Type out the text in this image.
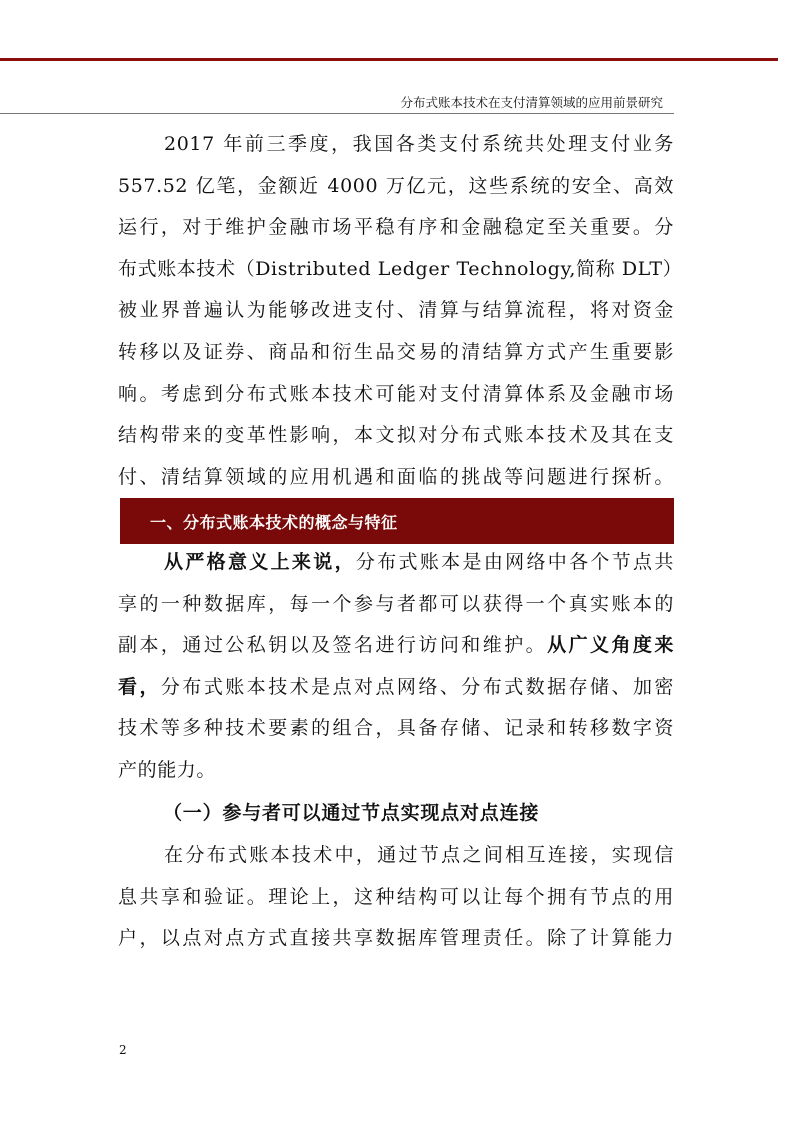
分布式账本技术在支付清算领域的应用前景研究
2017 年前三季度，我国各类支付系统共处理支付业务
557.52 亿笔，金额近 4000 万亿元，这些系统的安全、高效
运行，对于维护金融市场平稳有序和金融稳定至关重要。分
布式账本技术（Distributed Ledger Technology,简称 DLT）
被业界普遍认为能够改进支付、清算与结算流程，将对资金
转移以及证券、商品和衍生品交易的清结算方式产生重要影
响。考虑到分布式账本技术可能对支付清算体系及金融市场
结构带来的变革性影响，本文拟对分布式账本技术及其在支
付、清结算领域的应用机遇和面临的挑战等问题进行探析。
一、分布式账本技术的概念与特征
从严格意义上来说，分布式账本是由网络中各个节点共
享的一种数据库，每一个参与者都可以获得一个真实账本的
副本，通过公私钥以及签名进行访问和维护。从广义角度来
看，分布式账本技术是点对点网络、分布式数据存储、加密
技术等多种技术要素的组合，具备存储、记录和转移数字资
产的能力。
（一）参与者可以通过节点实现点对点连接
在分布式账本技术中，通过节点之间相互连接，实现信
息共享和验证。理论上，这种结构可以让每个拥有节点的用
户，以点对点方式直接共享数据库管理责任。除了计算能力
2
